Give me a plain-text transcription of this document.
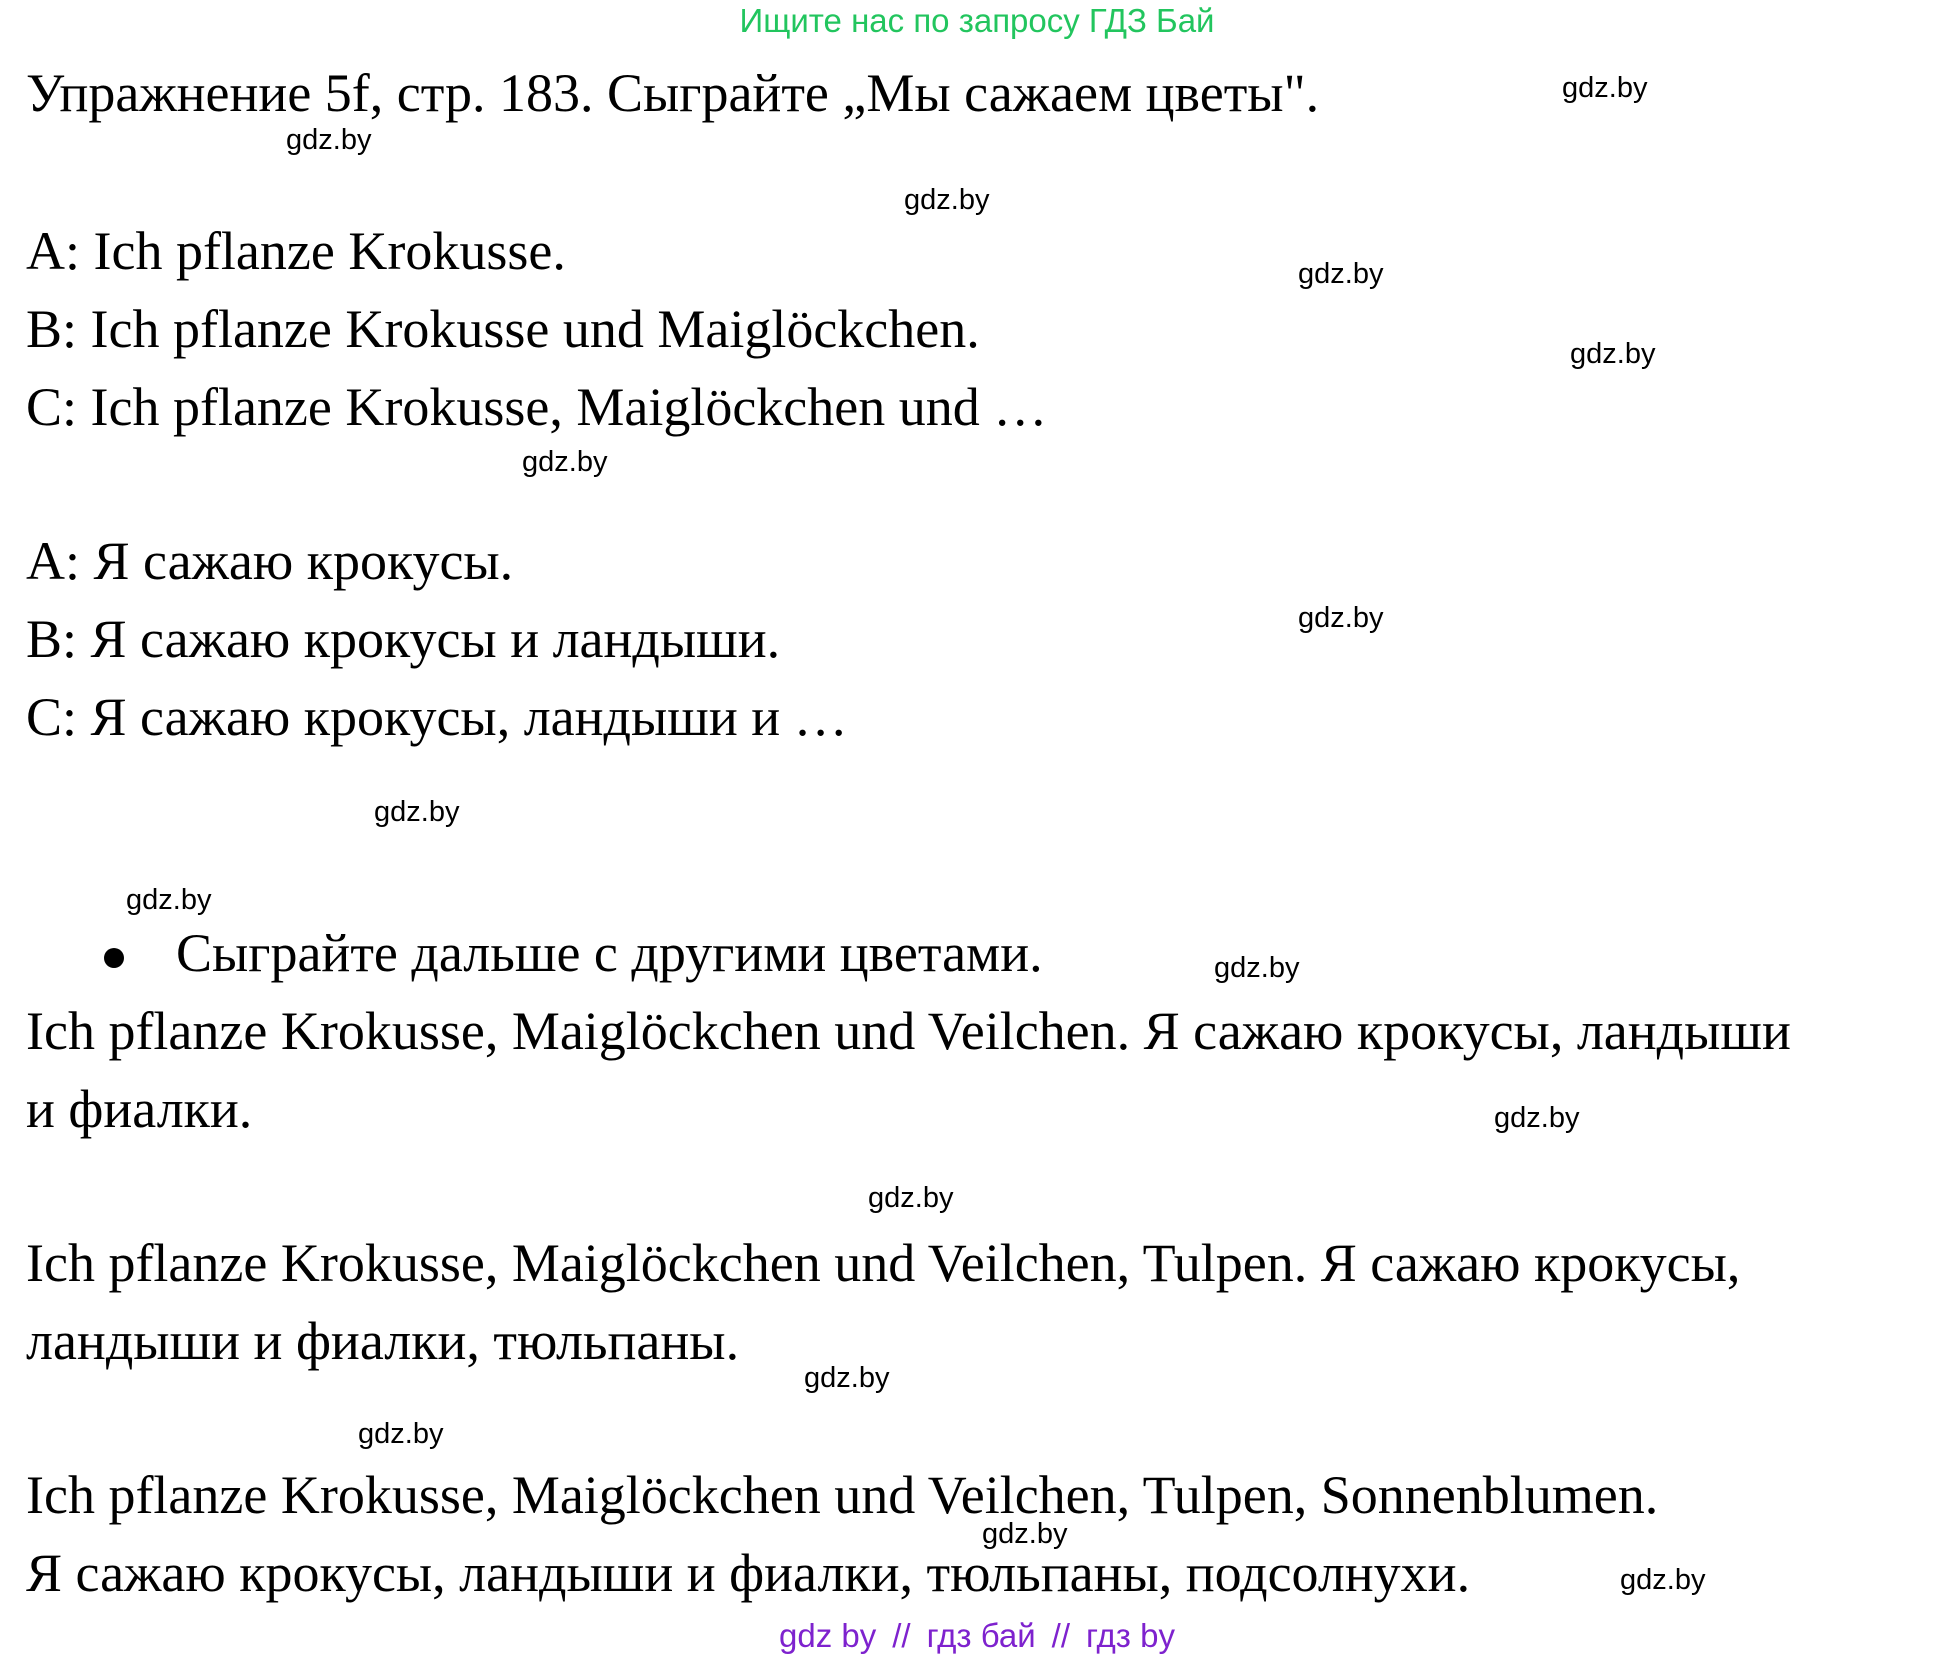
Ищите нас по запросу ГДЗ Бай
Упражнение 5f, стр. 183. Сыграйте „Мы сажаем цветы".
A: Ich pflanze Krokusse.
B: Ich pflanze Krokusse und Maiglöckchen.
C: Ich pflanze Krokusse, Maiglöckchen und …
A: Я сажаю крокусы.
B: Я сажаю крокусы и ландыши.
C: Я сажаю крокусы, ландыши и …
Сыграйте дальше с другими цветами.
Ich pflanze Krokusse, Maiglöckchen und Veilchen. Я сажаю крокусы, ландыши
и фиалки.
Ich pflanze Krokusse, Maiglöckchen und Veilchen, Tulpen. Я сажаю крокусы,
ландыши и фиалки, тюльпаны.
Ich pflanze Krokusse, Maiglöckchen und Veilchen, Tulpen, Sonnenblumen.
Я сажаю крокусы, ландыши и фиалки, тюльпаны, подсолнухи.
gdz.by
gdz.by
gdz.by
gdz.by
gdz.by
gdz.by
gdz.by
gdz.by
gdz.by
gdz.by
gdz.by
gdz.by
gdz.by
gdz.by
gdz.by
gdz.by
gdz by // гдз бай // гдз by
